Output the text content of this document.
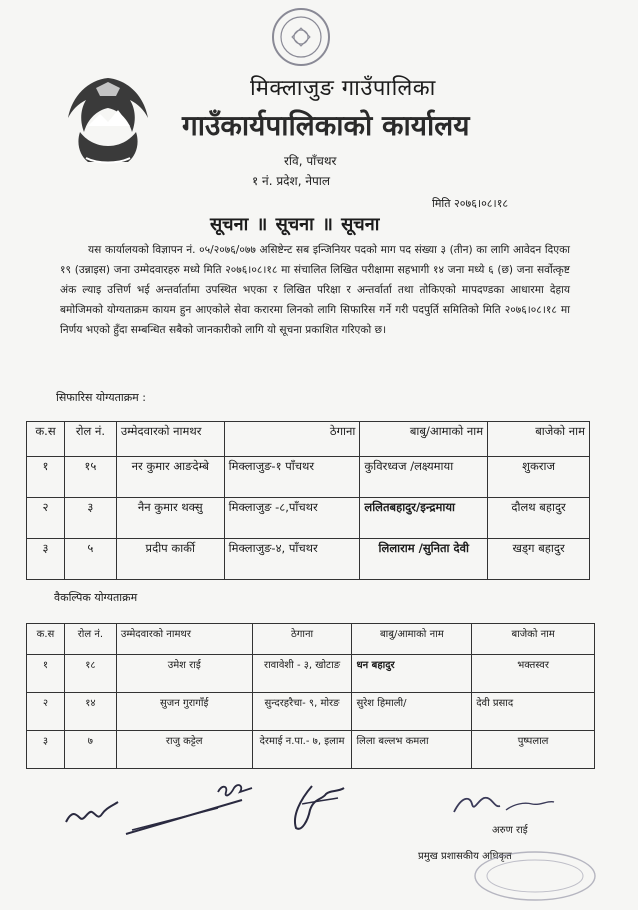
मिक्लाजुङ गाउँपालिका
गाउँकार्यपालिकाको कार्यालय
रवि, पाँचथर
१ नं. प्रदेश, नेपाल
मिति २०७६।०८।१८
सूचना ॥ सूचना ॥ सूचना
यस कार्यालयको विज्ञापन नं. ०५/२०७६/०७७ असिष्टेन्ट सब इन्जिनियर पदको माग पद संख्या ३ (तीन) का लागि आवेदन दिएका १९ (उन्नाइस) जना उम्मेदवारहरु मध्ये मिति २०७६।०८।१८ मा संचालित लिखित परीक्षामा सहभागी १४ जना मध्ये ६ (छ) जना सर्वोत्कृष्ट अंक ल्याइ उत्तिर्ण भई अन्तर्वार्तामा उपस्थित भएका र लिखित परिक्षा र अन्तर्वार्ता तथा तोकिएको मापदण्डका आधारमा देहाय बमोजिमको योग्यताक्रम कायम हुन आएकोले सेवा करारमा लिनको लागि सिफारिस गर्ने गरी पदपुर्ति समितिको मिति २०७६।०८।१८ मा निर्णय भएको हुँदा सम्बन्धित सबैको जानकारीको लागि यो सूचना प्रकाशित गरिएको छ।
सिफारिस योग्यताक्रम :
क.स	रोल नं.	उम्मेदवारको नामथर	ठेगाना	बाबु/आमाको नाम	बाजेको नाम
१	१५	नर कुमार आङदेम्बे	मिक्लाजुङ-१ पाँचथर	कुविरध्वज /लक्ष्यमाया	शुकराज
२	३	नैन कुमार थक्सु	मिक्लाजुङ -८,पाँचथर	ललितबहादुर/इन्द्रमाया	दौलथ बहादुर
३	५	प्रदीप कार्की	मिक्लाजुङ-४, पाँचथर	लिलाराम /सुनिता देवी	खड्ग बहादुर
वैकल्पिक योग्यताक्रम
क.स	रोल नं.	उम्मेदवारको नामथर	ठेगाना	बाबु/आमाको नाम	बाजेको नाम
१	१८	उमेश राई	रावावेशी - ३, खोटाङ	धन बहादुर	भक्तस्वर
२	१४	सुजन गुरागाँई	सुन्दरहरैचा- ९, मोरङ	सुरेश हिमाली/	देवी प्रसाद
३	७	राजु कट्टेल	देरमाई न.पा.- ७, इलाम	लिला बल्लभ कमला	पुष्पलाल
अरुण राई
प्रमुख प्रशासकीय अधिकृत
